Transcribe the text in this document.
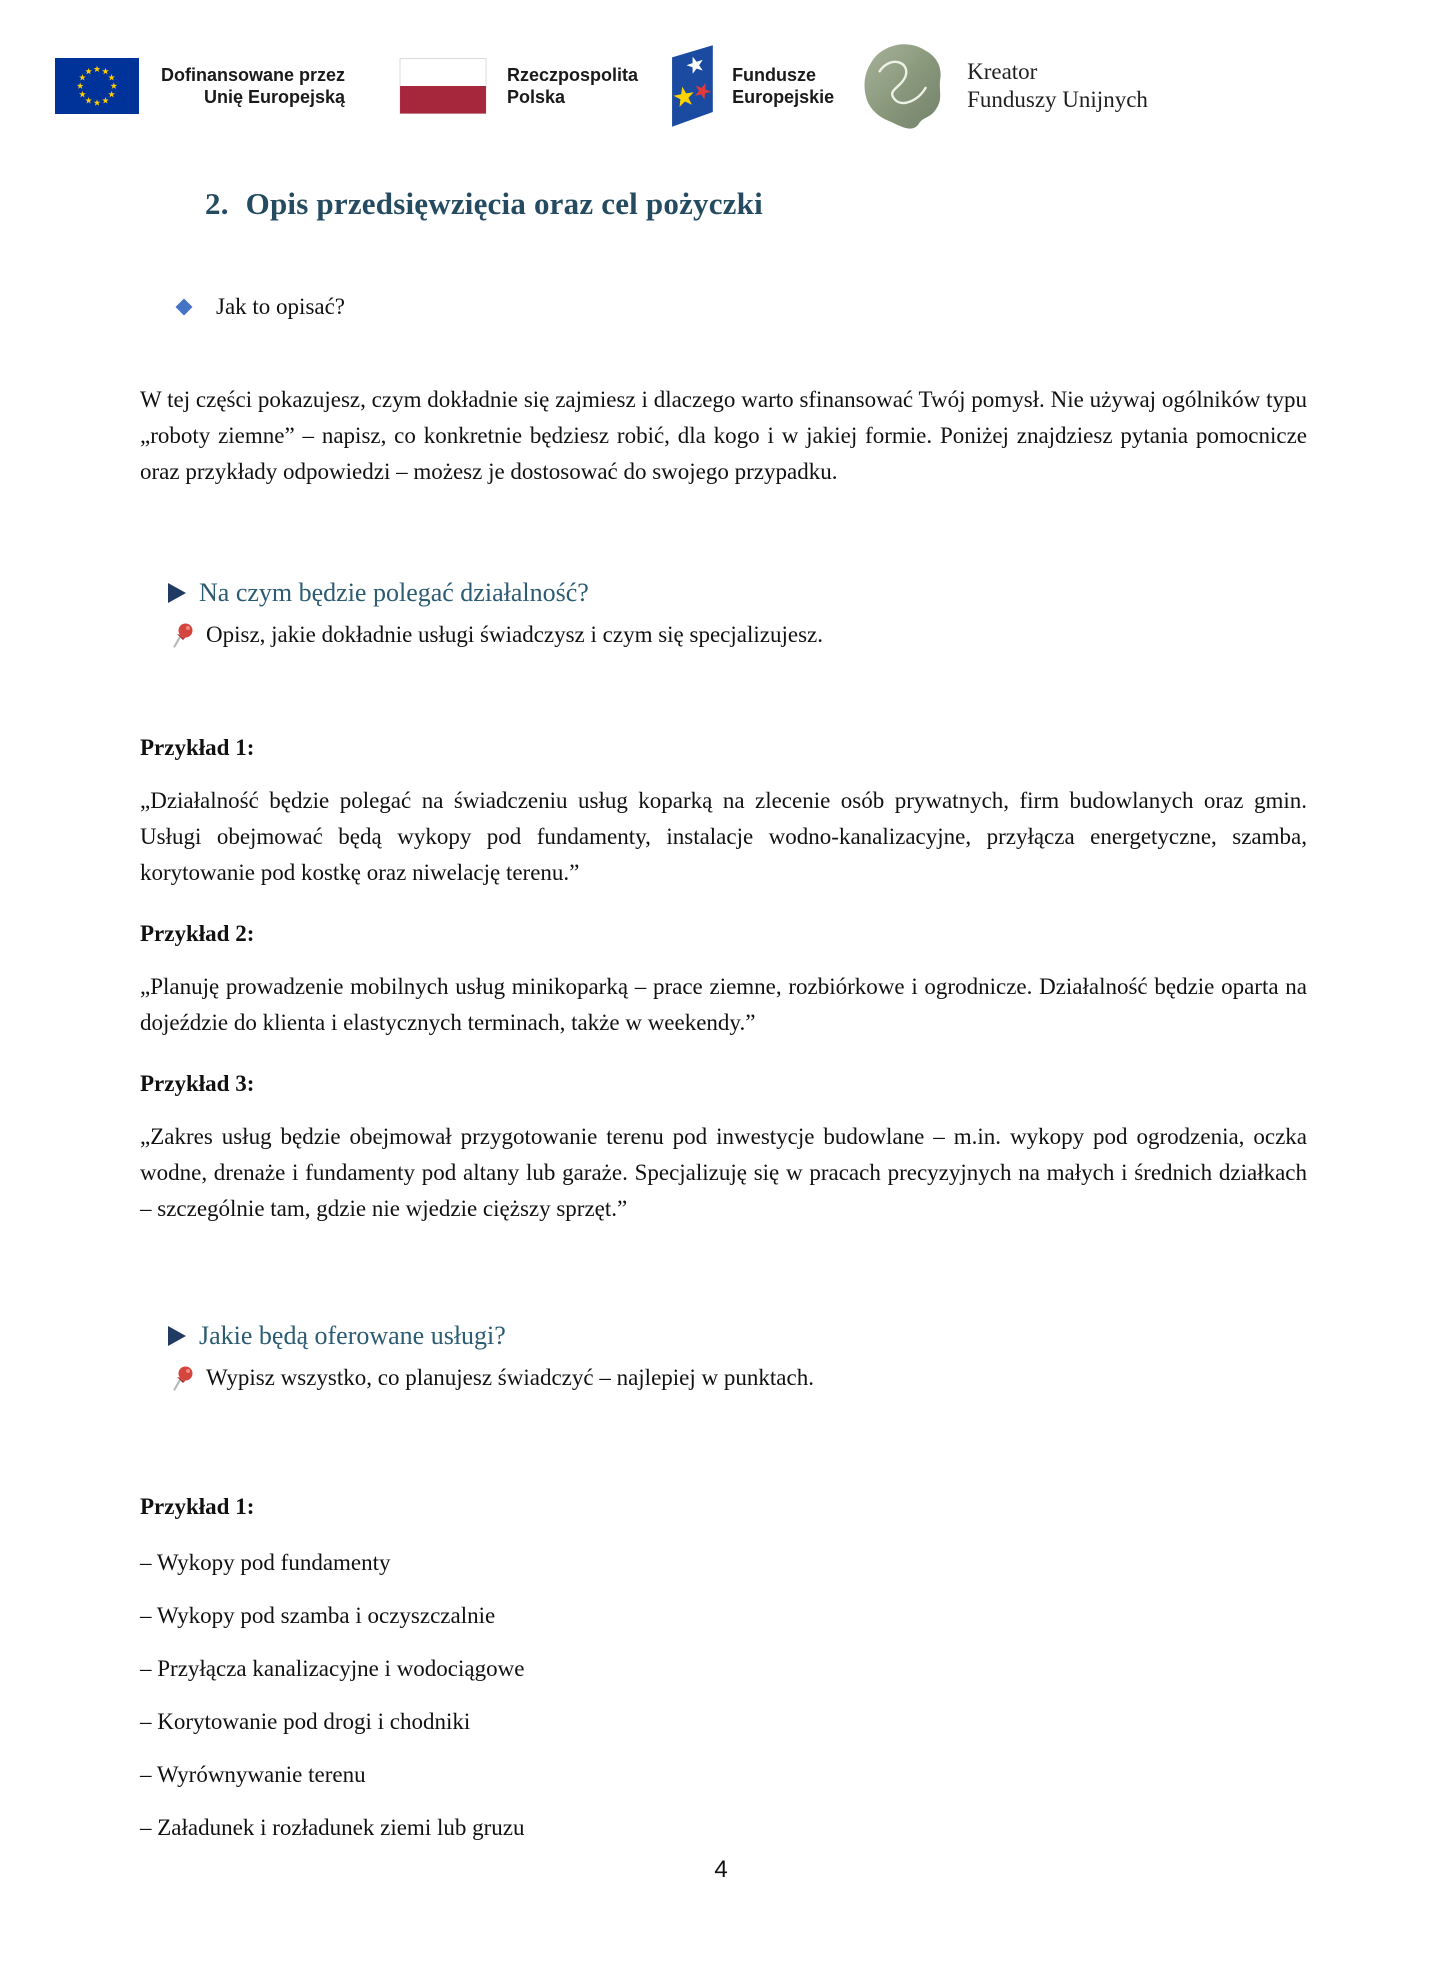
Dofinansowane przez
Unię Europejską
Rzeczpospolita
Polska
Fundusze
Europejskie
Kreator
Funduszy Unijnych
2. Opis przedsięwzięcia oraz cel pożyczki
Jak to opisać?
W tej części pokazujesz, czym dokładnie się zajmiesz i dlaczego warto sfinansować Twój pomysł. Nie używaj ogólników typu „roboty ziemne” – napisz, co konkretnie będziesz robić, dla kogo i w jakiej formie. Poniżej znajdziesz pytania pomocnicze oraz przykłady odpowiedzi – możesz je dostosować do swojego przypadku.
Na czym będzie polegać działalność?
Opisz, jakie dokładnie usługi świadczysz i czym się specjalizujesz.
Przykład 1:
„Działalność będzie polegać na świadczeniu usług koparką na zlecenie osób prywatnych, firm budowlanych oraz gmin. Usługi obejmować będą wykopy pod fundamenty, instalacje wodno-kanalizacyjne, przyłącza energetyczne, szamba, korytowanie pod kostkę oraz niwelację terenu.”
Przykład 2:
„Planuję prowadzenie mobilnych usług minikoparką – prace ziemne, rozbiórkowe i ogrodnicze. Działalność będzie oparta na dojeździe do klienta i elastycznych terminach, także w weekendy.”
Przykład 3:
„Zakres usług będzie obejmował przygotowanie terenu pod inwestycje budowlane – m.in. wykopy pod ogrodzenia, oczka wodne, drenaże i fundamenty pod altany lub garaże. Specjalizuję się w pracach precyzyjnych na małych i średnich działkach – szczególnie tam, gdzie nie wjedzie cięższy sprzęt.”
Jakie będą oferowane usługi?
Wypisz wszystko, co planujesz świadczyć – najlepiej w punktach.
Przykład 1:
– Wykopy pod fundamenty
– Wykopy pod szamba i oczyszczalnie
– Przyłącza kanalizacyjne i wodociągowe
– Korytowanie pod drogi i chodniki
– Wyrównywanie terenu
– Załadunek i rozładunek ziemi lub gruzu
4
